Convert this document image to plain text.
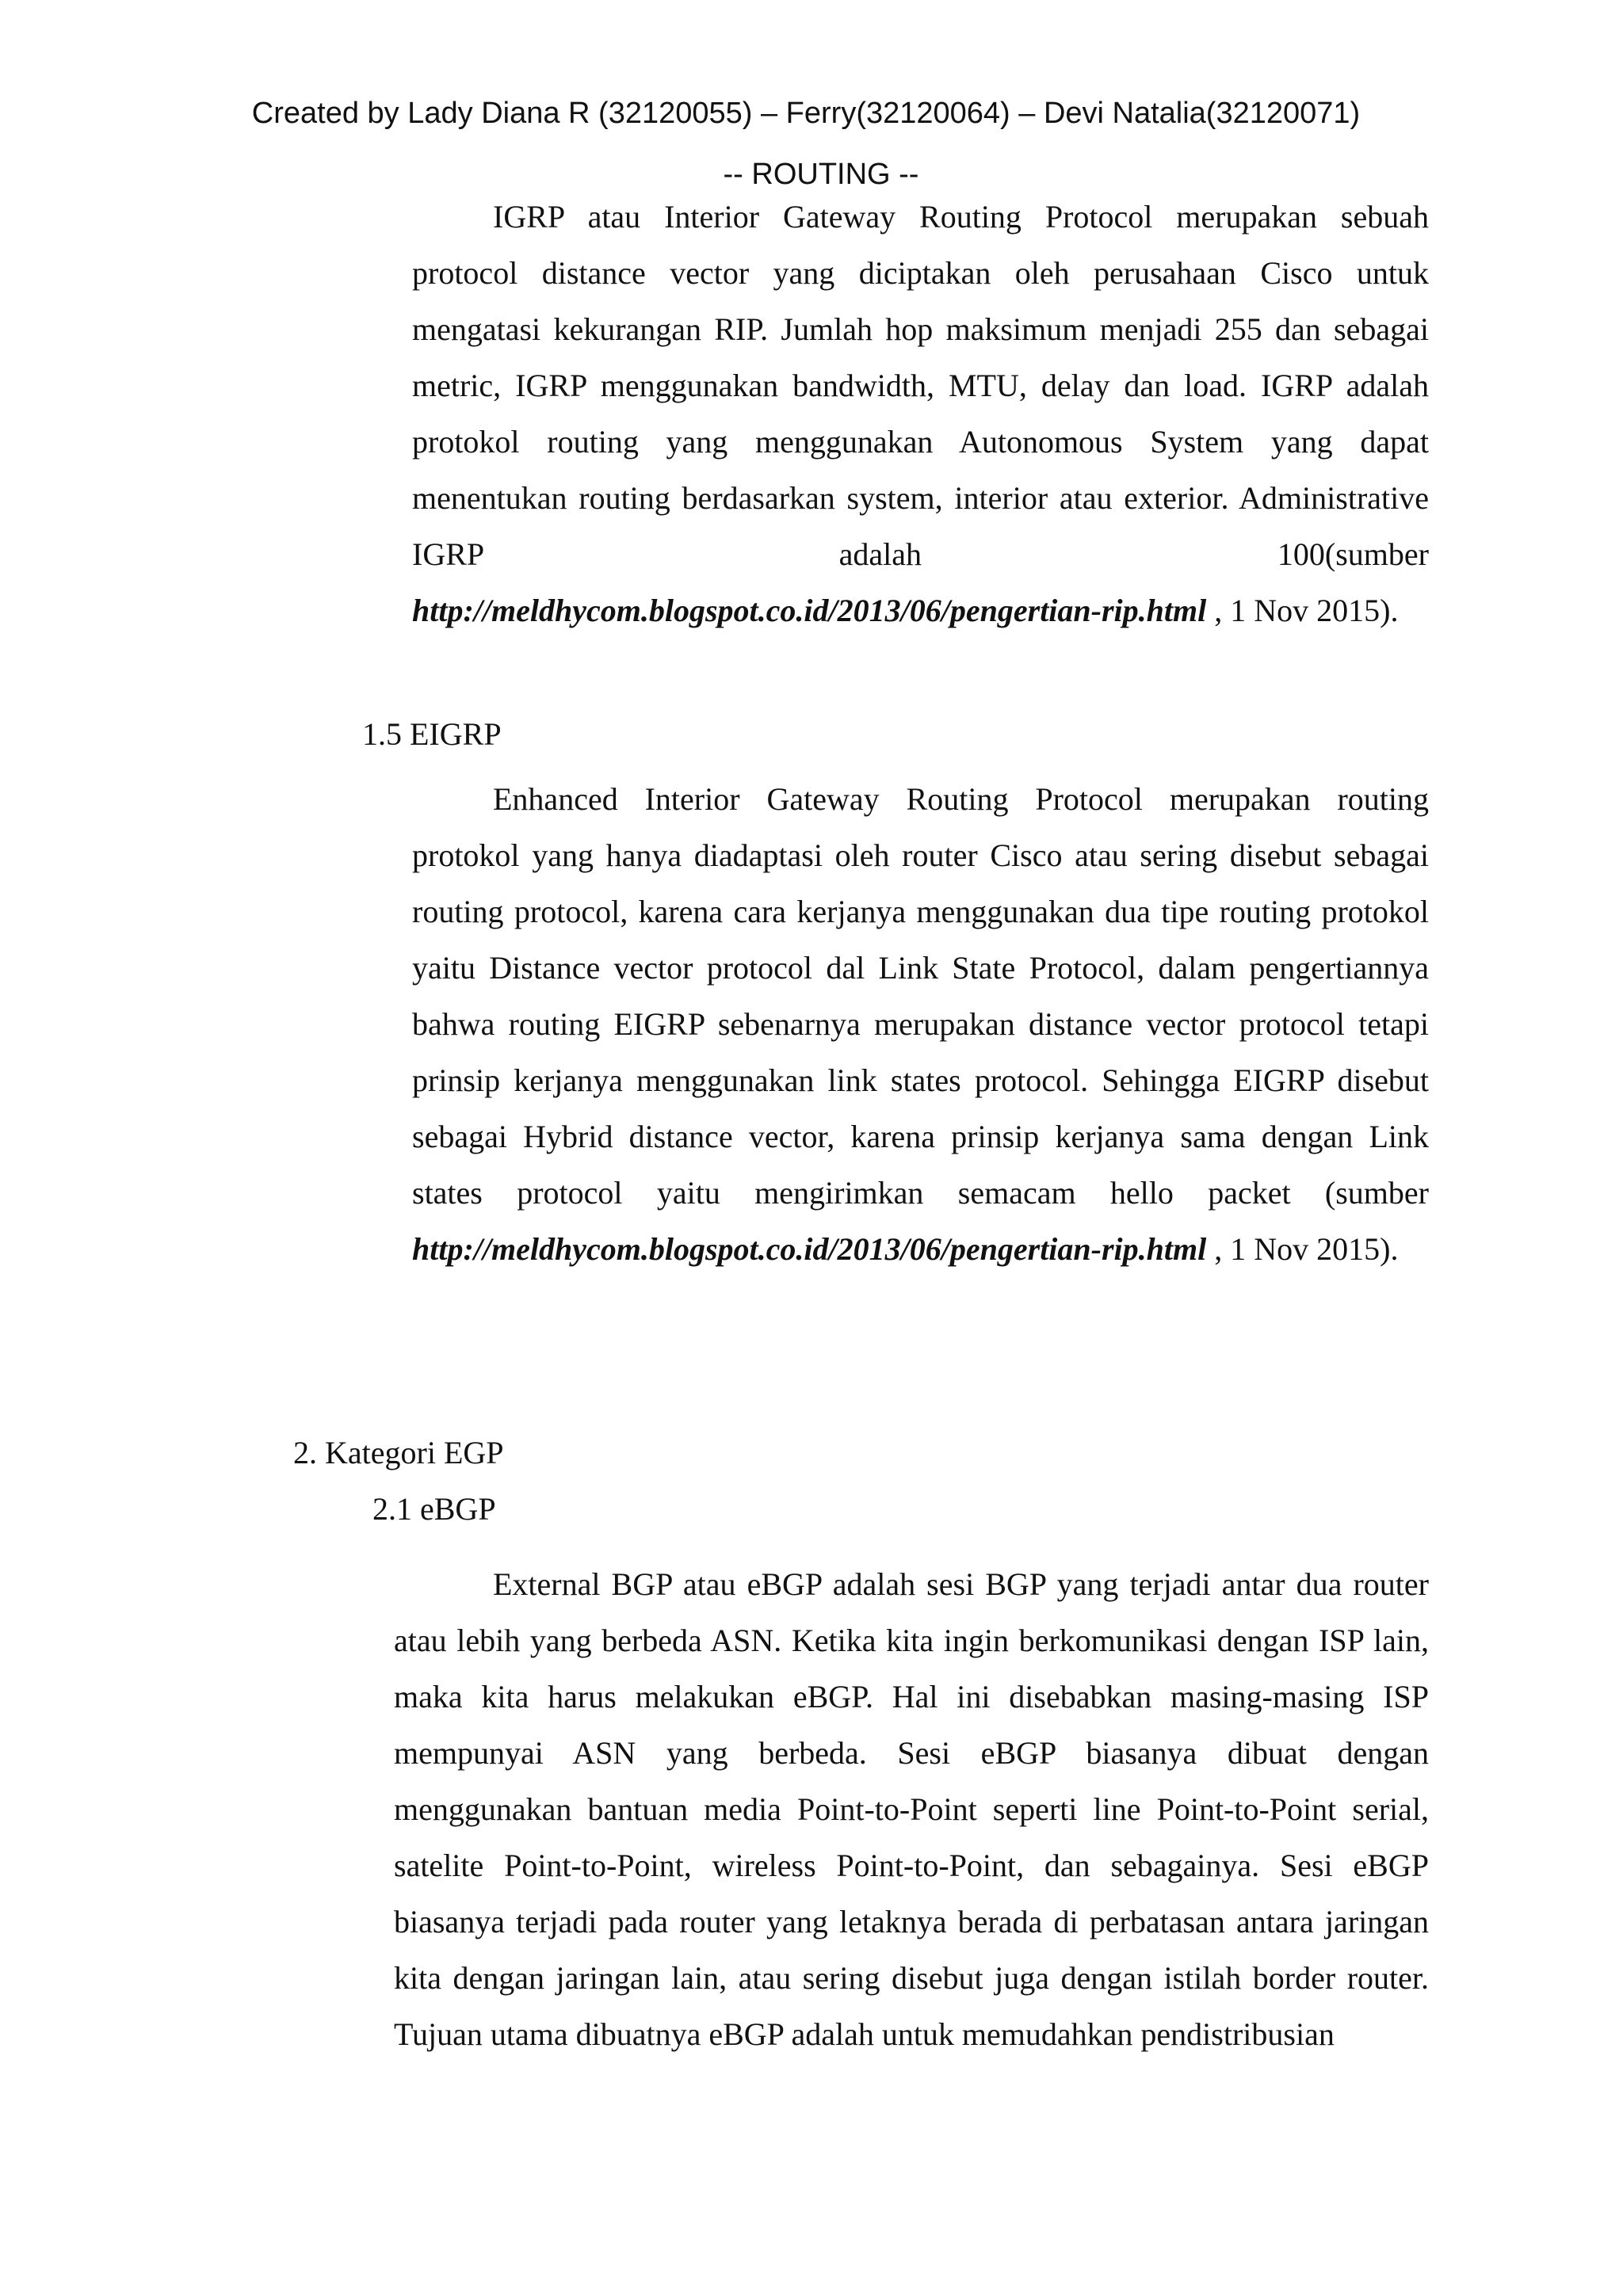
Created by Lady Diana R (32120055) – Ferry(32120064) – Devi Natalia(32120071)
-- ROUTING --

IGRP atau Interior Gateway Routing Protocol merupakan sebuah protocol distance vector yang diciptakan oleh perusahaan Cisco untuk mengatasi kekurangan RIP. Jumlah hop maksimum menjadi 255 dan sebagai metric, IGRP menggunakan bandwidth, MTU, delay dan load. IGRP adalah protokol routing yang menggunakan Autonomous System yang dapat menentukan routing berdasarkan system, interior atau exterior. Administrative IGRP adalah 100(sumber http://meldhycom.blogspot.co.id/2013/06/pengertian-rip.html , 1 Nov 2015).

1.5 EIGRP

Enhanced Interior Gateway Routing Protocol merupakan routing protokol yang hanya diadaptasi oleh router Cisco atau sering disebut sebagai routing protocol, karena cara kerjanya menggunakan dua tipe routing protokol yaitu Distance vector protocol dal Link State Protocol, dalam pengertiannya bahwa routing EIGRP sebenarnya merupakan distance vector protocol tetapi prinsip kerjanya menggunakan link states protocol. Sehingga EIGRP disebut sebagai Hybrid distance vector, karena prinsip kerjanya sama dengan Link states protocol yaitu mengirimkan semacam hello packet (sumber http://meldhycom.blogspot.co.id/2013/06/pengertian-rip.html , 1 Nov 2015).

2. Kategori EGP
2.1 eBGP

External BGP atau eBGP adalah sesi BGP yang terjadi antar dua router atau lebih yang berbeda ASN. Ketika kita ingin berkomunikasi dengan ISP lain, maka kita harus melakukan eBGP. Hal ini disebabkan masing-masing ISP mempunyai ASN yang berbeda. Sesi eBGP biasanya dibuat dengan menggunakan bantuan media Point-to-Point seperti line Point-to-Point serial, satelite Point-to-Point, wireless Point-to-Point, dan sebagainya. Sesi eBGP biasanya terjadi pada router yang letaknya berada di perbatasan antara jaringan kita dengan jaringan lain, atau sering disebut juga dengan istilah border router. Tujuan utama dibuatnya eBGP adalah untuk memudahkan pendistribusian
